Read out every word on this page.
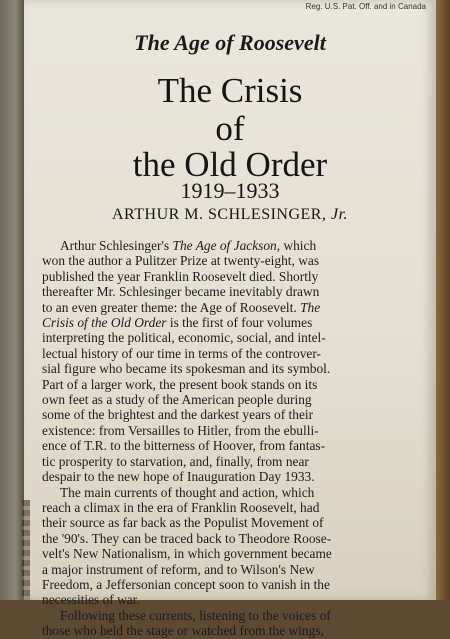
Reg. U.S. Pat. Off. and in Canada
The Age of Roosevelt
The Crisis
of
the Old Order
1919–1933
ARTHUR M. SCHLESINGER, Jr.
Arthur Schlesinger's The Age of Jackson, which
won the author a Pulitzer Prize at twenty-eight, was
published the year Franklin Roosevelt died. Shortly
thereafter Mr. Schlesinger became inevitably drawn
to an even greater theme: the Age of Roosevelt. The
Crisis of the Old Order is the first of four volumes
interpreting the political, economic, social, and intel-
lectual history of our time in terms of the controver-
sial figure who became its spokesman and its symbol.
Part of a larger work, the present book stands on its
own feet as a study of the American people during
some of the brightest and the darkest years of their
existence: from Versailles to Hitler, from the ebulli-
ence of T.R. to the bitterness of Hoover, from fantas-
tic prosperity to starvation, and, finally, from near
despair to the new hope of Inauguration Day 1933.
The main currents of thought and action, which
reach a climax in the era of Franklin Roosevelt, had
their source as far back as the Populist Movement of
the '90's. They can be traced back to Theodore Roose-
velt's New Nationalism, in which government became
a major instrument of reform, and to Wilson's New
Freedom, a Jeffersonian concept soon to vanish in the
necessities of war.
Following these currents, listening to the voices of
those who held the stage or watched from the wings,
